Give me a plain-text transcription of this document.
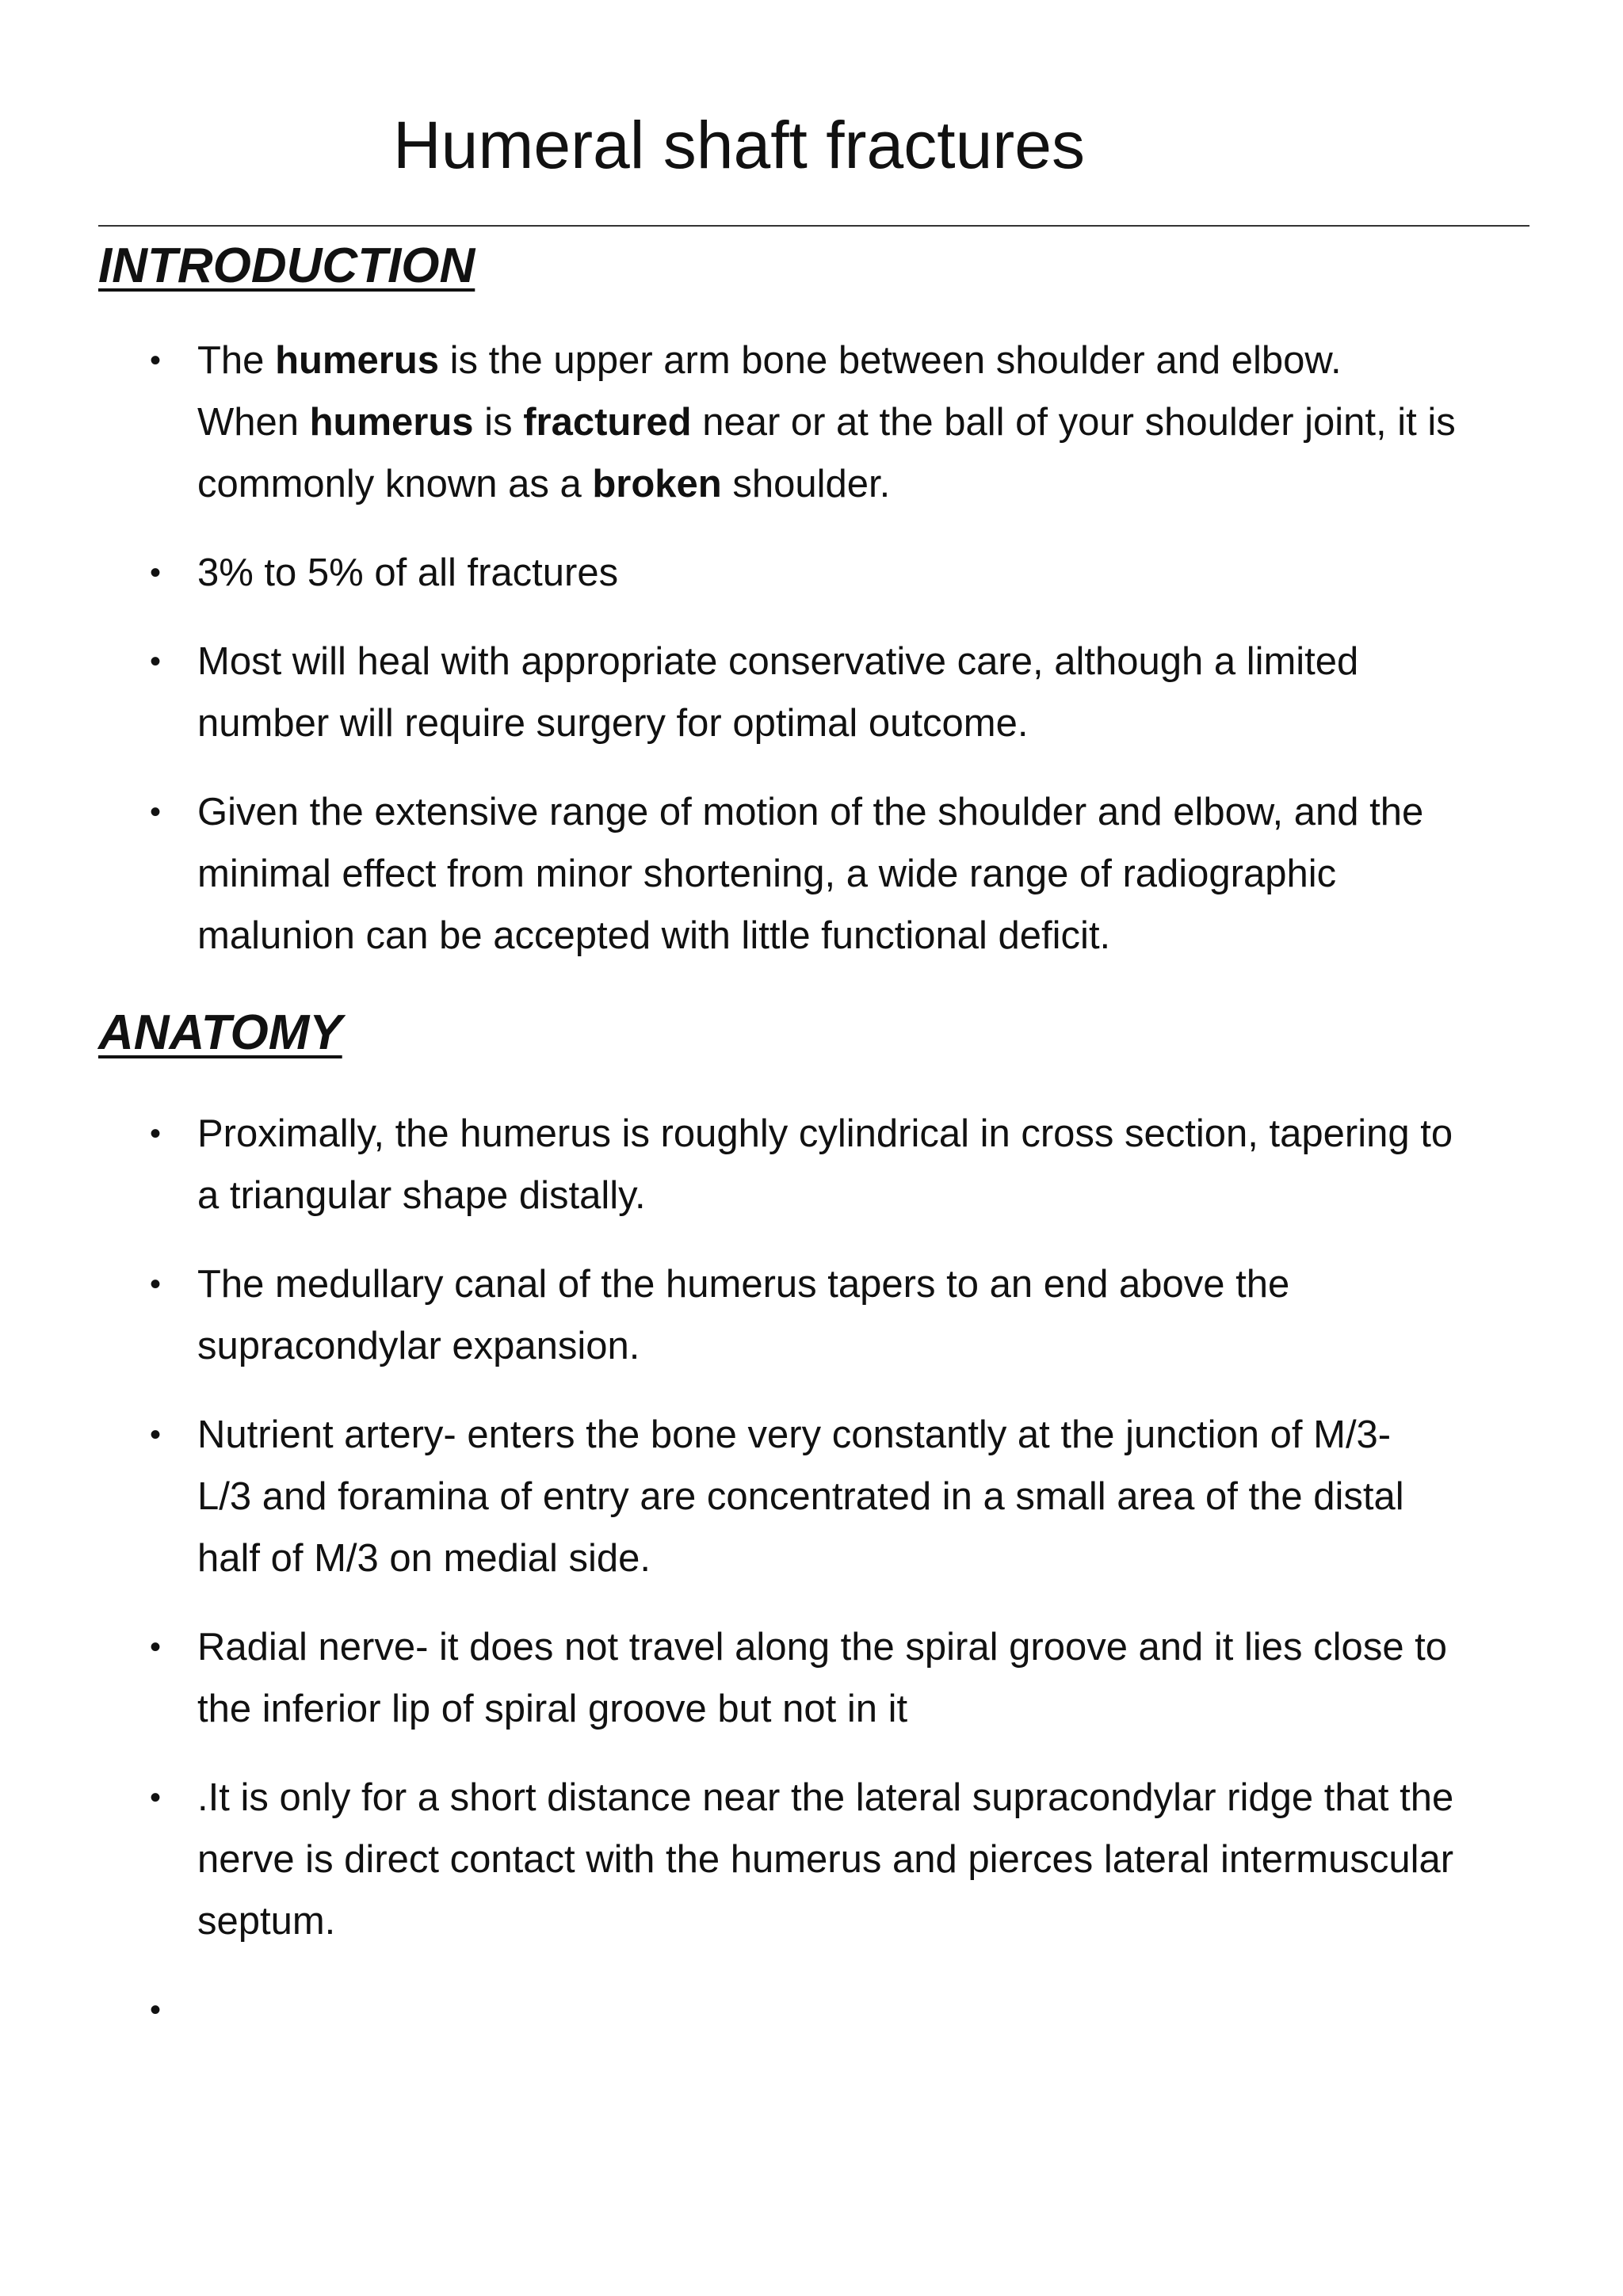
Humeral shaft fractures
INTRODUCTION
• The humerus is the upper arm bone between shoulder and elbow.
When humerus is fractured near or at the ball of your shoulder joint, it is
commonly known as a broken shoulder.
• 3% to 5% of all fractures
• Most will heal with appropriate conservative care, although a limited
number will require surgery for optimal outcome.
• Given the extensive range of motion of the shoulder and elbow, and the
minimal effect from minor shortening, a wide range of radiographic
malunion can be accepted with little functional deficit.
ANATOMY
• Proximally, the humerus is roughly cylindrical in cross section, tapering to
a triangular shape distally.
• The medullary canal of the humerus tapers to an end above the
supracondylar expansion.
• Nutrient artery- enters the bone very constantly at the junction of M/3-
L/3 and foramina of entry are concentrated in a small area of the distal
half of M/3 on medial side.
• Radial nerve- it does not travel along the spiral groove and it lies close to
the inferior lip of spiral groove but not in it
• .It is only for a short distance near the lateral supracondylar ridge that the
nerve is direct contact with the humerus and pierces lateral intermuscular
septum.
•
